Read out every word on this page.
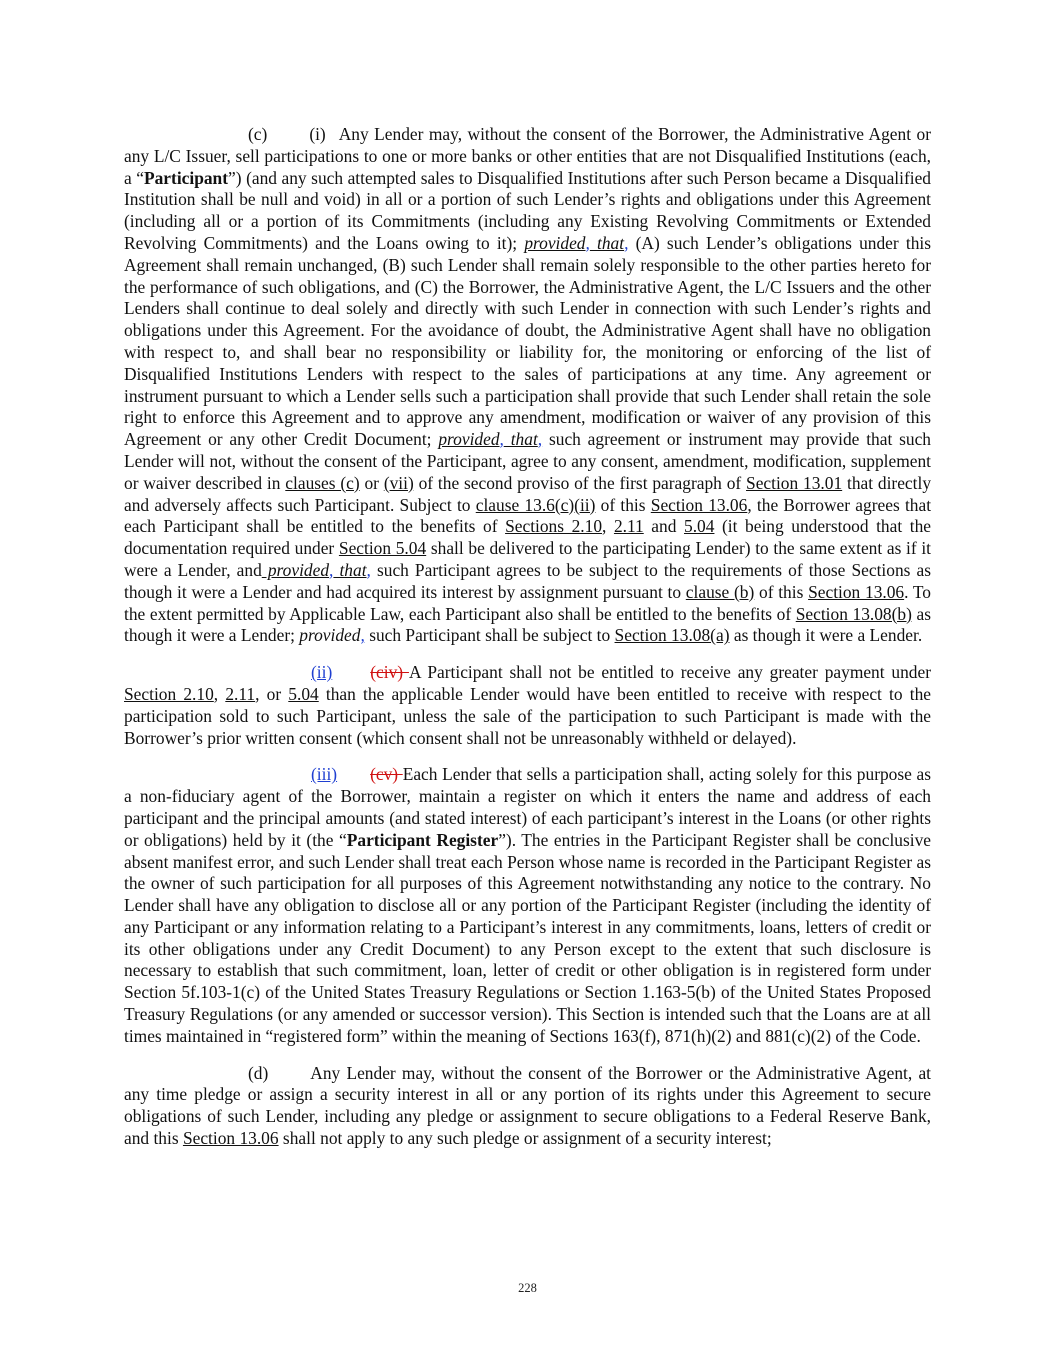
(c) (i) Any Lender may, without the consent of the Borrower, the Administrative Agent or any L/C Issuer, sell participations to one or more banks or other entities that are not Disqualified Institutions (each, a “Participant”) (and any such attempted sales to Disqualified Institutions after such Person became a Disqualified Institution shall be null and void) in all or a portion of such Lender’s rights and obligations under this Agreement (including all or a portion of its Commitments (including any Existing Revolving Commitments or Extended Revolving Commitments) and the Loans owing to it); provided, that, (A) such Lender’s obligations under this Agreement shall remain unchanged, (B) such Lender shall remain solely responsible to the other parties hereto for the performance of such obligations, and (C) the Borrower, the Administrative Agent, the L/C Issuers and the other Lenders shall continue to deal solely and directly with such Lender in connection with such Lender’s rights and obligations under this Agreement. For the avoidance of doubt, the Administrative Agent shall have no obligation with respect to, and shall bear no responsibility or liability for, the monitoring or enforcing of the list of Disqualified Institutions Lenders with respect to the sales of participations at any time. Any agreement or instrument pursuant to which a Lender sells such a participation shall provide that such Lender shall retain the sole right to enforce this Agreement and to approve any amendment, modification or waiver of any provision of this Agreement or any other Credit Document; provided, that, such agreement or instrument may provide that such Lender will not, without the consent of the Participant, agree to any consent, amendment, modification, supplement or waiver described in clauses (c) or (vii) of the second proviso of the first paragraph of Section 13.01 that directly and adversely affects such Participant. Subject to clause 13.6(c)(ii) of this Section 13.06, the Borrower agrees that each Participant shall be entitled to the benefits of Sections 2.10, 2.11 and 5.04 (it being understood that the documentation required under Section 5.04 shall be delivered to the participating Lender) to the same extent as if it were a Lender, and provided, that, such Participant agrees to be subject to the requirements of those Sections as though it were a Lender and had acquired its interest by assignment pursuant to clause (b) of this Section 13.06. To the extent permitted by Applicable Law, each Participant also shall be entitled to the benefits of Section 13.08(b) as though it were a Lender; provided, such Participant shall be subject to Section 13.08(a) as though it were a Lender.

(ii) (civ) A Participant shall not be entitled to receive any greater payment under Section 2.10, 2.11, or 5.04 than the applicable Lender would have been entitled to receive with respect to the participation sold to such Participant, unless the sale of the participation to such Participant is made with the Borrower’s prior written consent (which consent shall not be unreasonably withheld or delayed).

(iii) (cv) Each Lender that sells a participation shall, acting solely for this purpose as a non-fiduciary agent of the Borrower, maintain a register on which it enters the name and address of each participant and the principal amounts (and stated interest) of each participant’s interest in the Loans (or other rights or obligations) held by it (the “Participant Register”). The entries in the Participant Register shall be conclusive absent manifest error, and such Lender shall treat each Person whose name is recorded in the Participant Register as the owner of such participation for all purposes of this Agreement notwithstanding any notice to the contrary. No Lender shall have any obligation to disclose all or any portion of the Participant Register (including the identity of any Participant or any information relating to a Participant’s interest in any commitments, loans, letters of credit or its other obligations under any Credit Document) to any Person except to the extent that such disclosure is necessary to establish that such commitment, loan, letter of credit or other obligation is in registered form under Section 5f.103-1(c) of the United States Treasury Regulations or Section 1.163-5(b) of the United States Proposed Treasury Regulations (or any amended or successor version). This Section is intended such that the Loans are at all times maintained in “registered form” within the meaning of Sections 163(f), 871(h)(2) and 881(c)(2) of the Code.

(d) Any Lender may, without the consent of the Borrower or the Administrative Agent, at any time pledge or assign a security interest in all or any portion of its rights under this Agreement to secure obligations of such Lender, including any pledge or assignment to secure obligations to a Federal Reserve Bank, and this Section 13.06 shall not apply to any such pledge or assignment of a security interest;

228
